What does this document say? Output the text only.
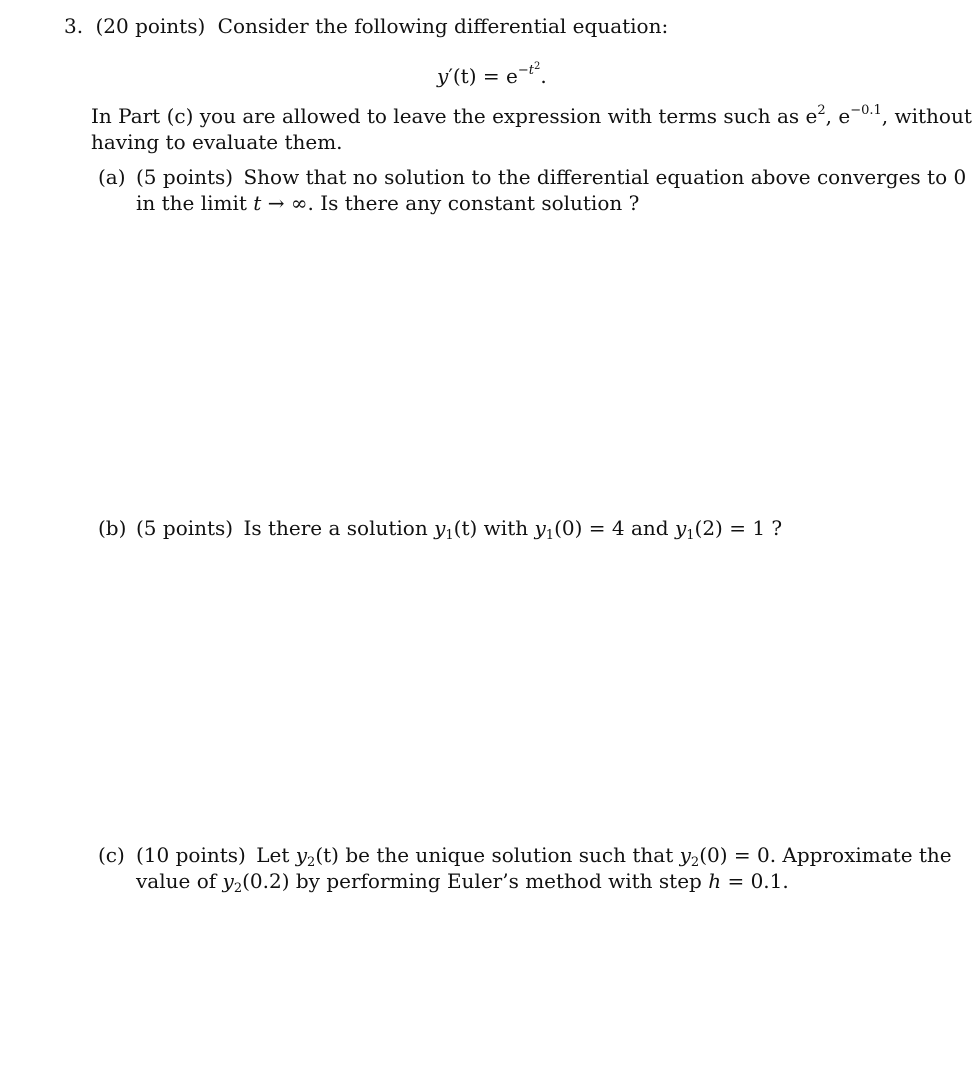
3. (20 points) Consider the following differential equation:
$y'(t) = e^{-t^2}$.
In Part (c) you are allowed to leave the expression with terms such as $e^2$, $e^{-0.1}$, without
having to evaluate them.
(a) (5 points) Show that no solution to the differential equation above converges to 0
in the limit t → ∞. Is there any constant solution ?
(b) (5 points) Is there a solution $y_1(t)$ with $y_1(0) = 4$ and $y_1(2) = 1$ ?
(c) (10 points) Let $y_2(t)$ be the unique solution such that $y_2(0) = 0$. Approximate the
value of $y_2(0.2)$ by performing Euler’s method with step h = 0.1.
